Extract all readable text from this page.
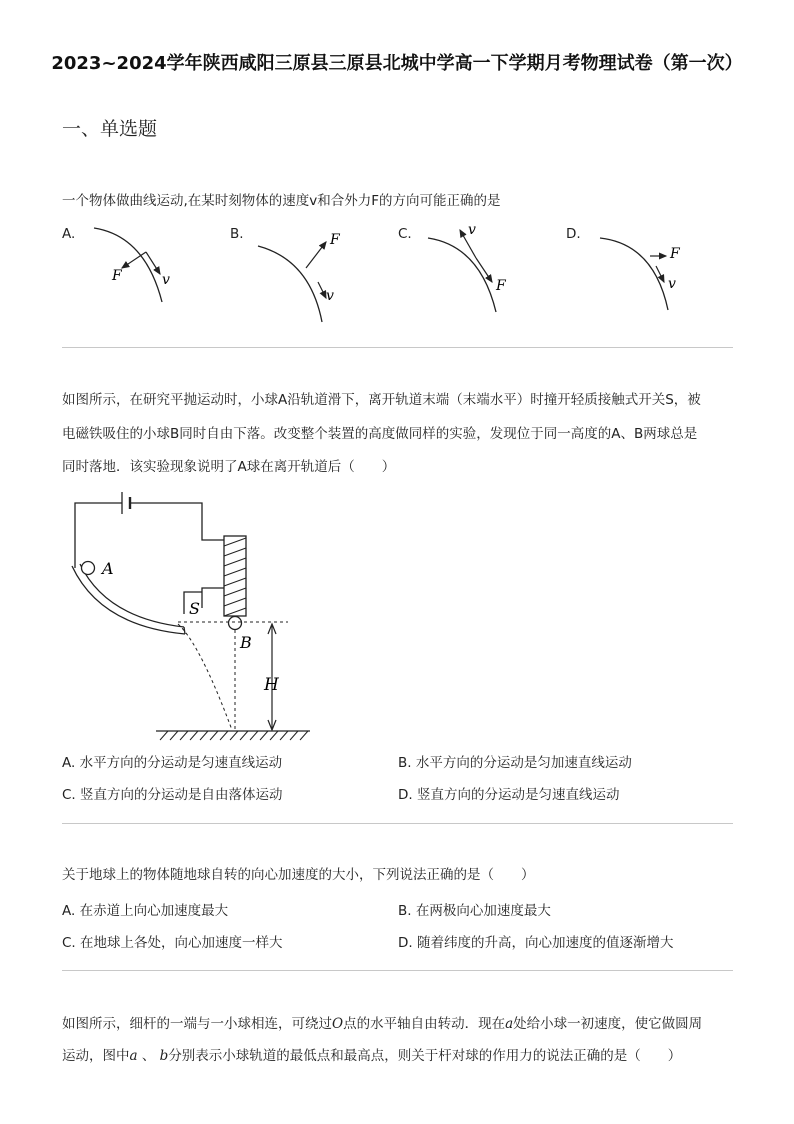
2023~2024学年陕西咸阳三原县三原县北城中学高一下学期月考物理试卷（第一次）
一、单选题
一个物体做曲线运动,在某时刻物体的速度v和合外力F的方向可能正确的是
A.	B.	C.	D.
F	v
F
v
v
F
F
v
如图所示，在研究平抛运动时，小球A沿轨道滑下，离开轨道末端（末端水平）时撞开轻质接触式开关S，被
电磁铁吸住的小球B同时自由下落。改变整个装置的高度做同样的实验，发现位于同一高度的A、B两球总是
同时落地．该实验现象说明了A球在离开轨道后（　　）
S
A
B
H
A. 水平方向的分运动是匀速直线运动	B. 水平方向的分运动是匀加速直线运动
C. 竖直方向的分运动是自由落体运动	D. 竖直方向的分运动是匀速直线运动
关于地球上的物体随地球自转的向心加速度的大小，下列说法正确的是（　　）
A. 在赤道上向心加速度最大	B. 在两极向心加速度最大
C. 在地球上各处，向心加速度一样大	D. 随着纬度的升高，向心加速度的值逐渐增大
如图所示，细杆的一端与一小球相连，可绕过O点的水平轴自由转动．现在a处给小球一初速度，使它做圆周
运动，图中a 、 b分别表示小球轨道的最低点和最高点，则关于杆对球的作用力的说法正确的是（　　）
